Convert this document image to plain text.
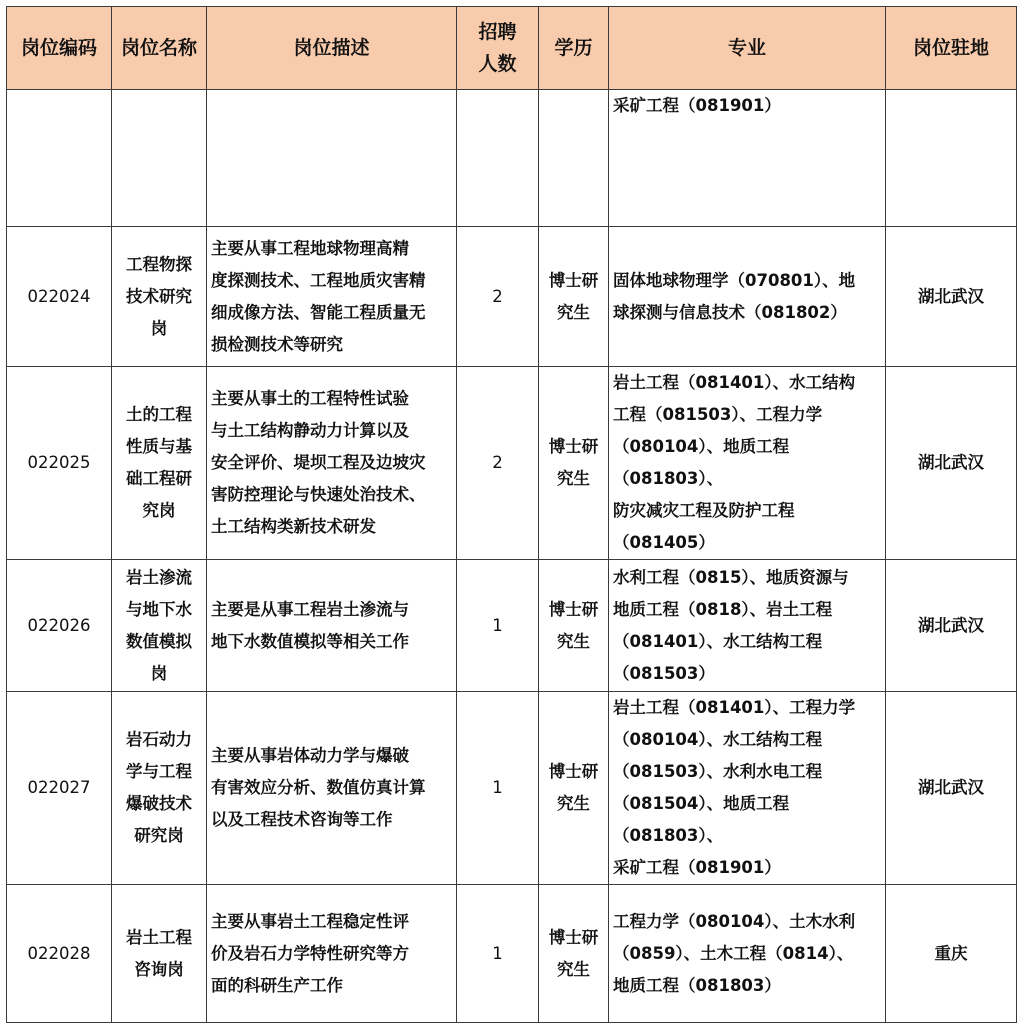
岗位编码	岗位名称	岗位描述	招聘
人数	学历	专业	岗位驻地
					采矿工程（081901）	
022024	工程物探
技术研究
岗	主要从事工程地球物理高精
度探测技术、工程地质灾害精
细成像方法、智能工程质量无
损检测技术等研究	2	博士研
究生	固体地球物理学（070801）、地
球探测与信息技术（081802）	湖北武汉
022025	土的工程
性质与基
础工程研
究岗	主要从事土的工程特性试验
与土工结构静动力计算以及
安全评价、堤坝工程及边坡灾
害防控理论与快速处治技术、
土工结构类新技术研发	2	博士研
究生	岩土工程（081401）、水工结构
工程（081503）、工程力学
（080104）、地质工程（081803）、
防灾减灾工程及防护工程
（081405）	湖北武汉
022026	岩土渗流
与地下水
数值模拟
岗	主要是从事工程岩土渗流与
地下水数值模拟等相关工作	1	博士研
究生	水利工程（0815）、地质资源与
地质工程（0818）、岩土工程
（081401）、水工结构工程
（081503）	湖北武汉
022027	岩石动力
学与工程
爆破技术
研究岗	主要从事岩体动力学与爆破
有害效应分析、数值仿真计算
以及工程技术咨询等工作	1	博士研
究生	岩土工程（081401）、工程力学
（080104）、水工结构工程
（081503）、水利水电工程
（081504）、地质工程（081803）、
采矿工程（081901）	湖北武汉
022028	岩土工程
咨询岗	主要从事岩土工程稳定性评
价及岩石力学特性研究等方
面的科研生产工作	1	博士研
究生	工程力学（080104）、土木水利
（0859）、土木工程（0814）、
地质工程（081803）	重庆
